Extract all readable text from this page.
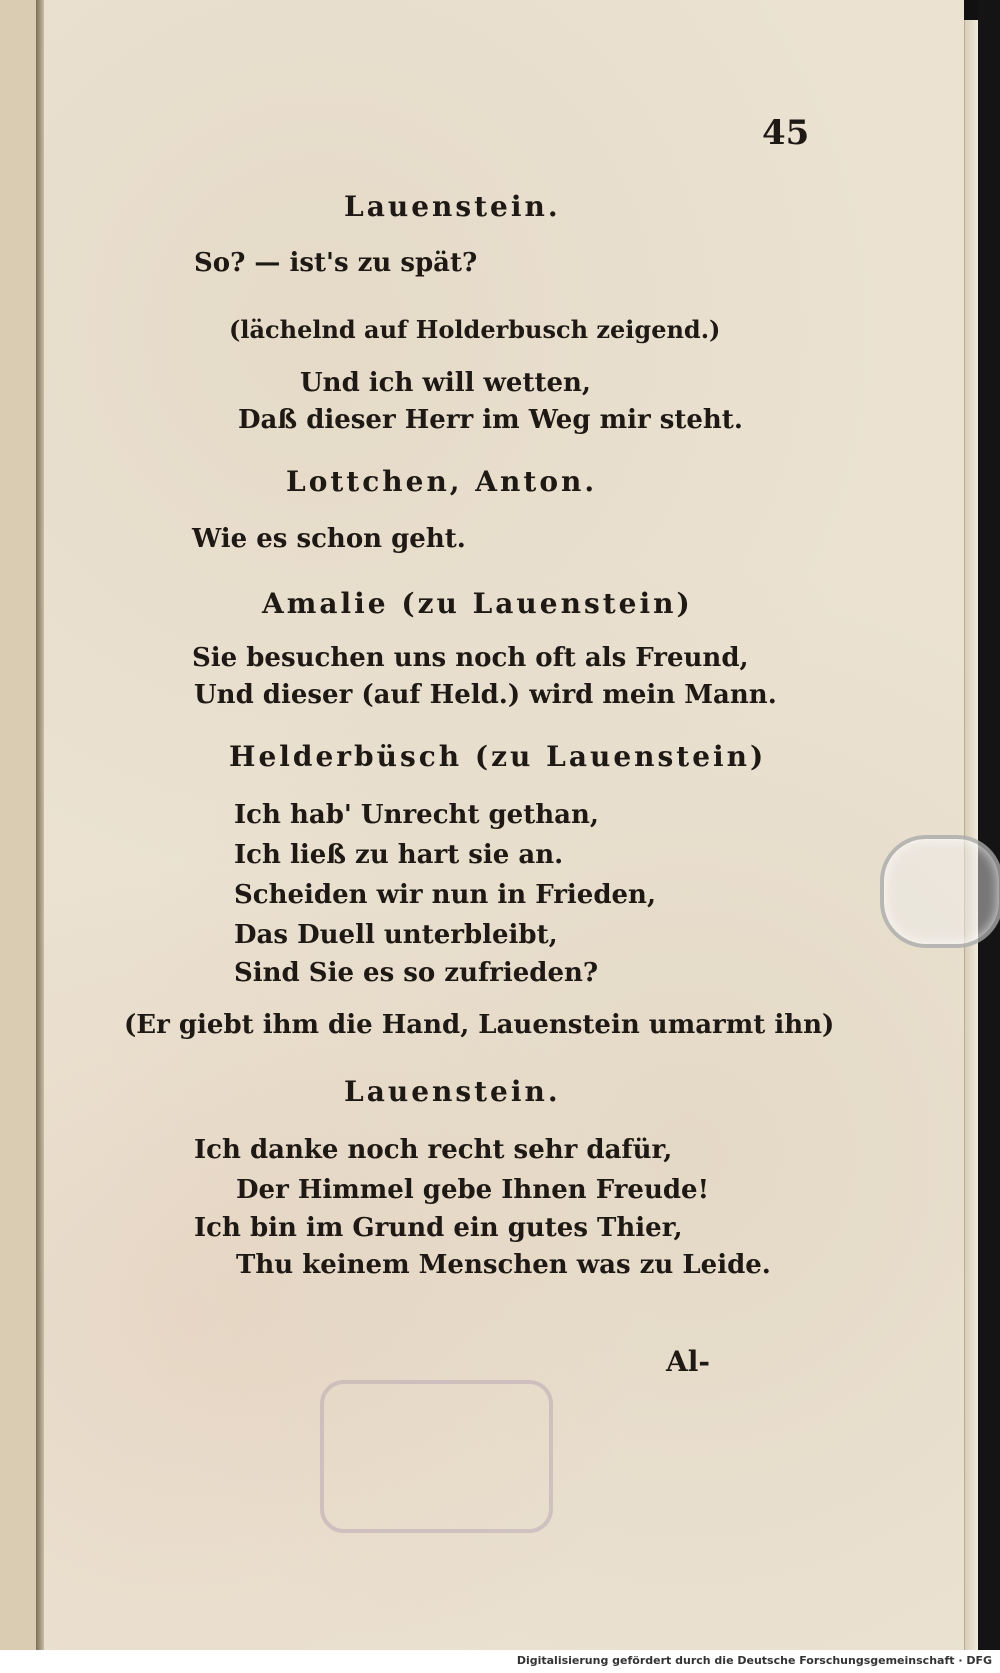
45
Lauenstein.
So? — ist's zu spät?
(lächelnd auf Holderbusch zeigend.)
Und ich will wetten,
Daß dieser Herr im Weg mir steht.
Lottchen, Anton.
Wie es schon geht.
Amalie (zu Lauenstein)
Sie besuchen uns noch oft als Freund,
Und dieser (auf Held.) wird mein Mann.
Helderbüsch (zu Lauenstein)
Ich hab' Unrecht gethan,
Ich ließ zu hart sie an.
Scheiden wir nun in Frieden,
Das Duell unterbleibt,
Sind Sie es so zufrieden?
(Er giebt ihm die Hand, Lauenstein umarmt ihn)
Lauenstein.
Ich danke noch recht sehr dafür,
Der Himmel gebe Ihnen Freude!
Ich bin im Grund ein gutes Thier,
Thu keinem Menschen was zu Leide.
Al-
Digitalisierung gefördert durch die Deutsche Forschungsgemeinschaft · DFG
